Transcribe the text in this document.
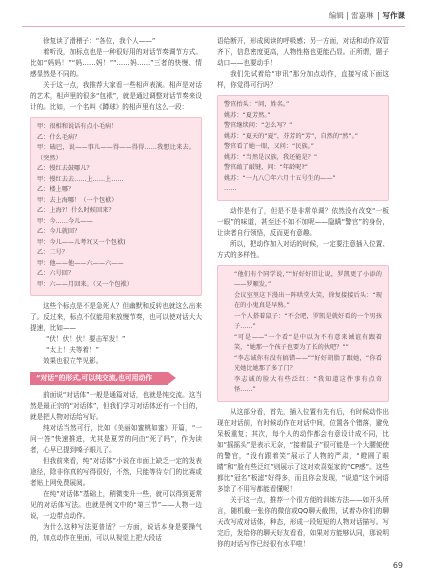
编辑 | 雷嘉琳 写作课

徐复读了滑稽子：“各位，我个人——”

着听没，加标点也是一种很好用的对话节奏调节方式。比如“妈妈！”“妈……妈！”“……妈……”三者的快慢、情感显然是不同的。

关于这一点，我推荐大家看一些相声表演。相声是对话的艺术，相声里的很多“包袱”，就是通过调整对话节奏来设计的。比如，一个名叫《蹲球》的相声里有这么一段：

甲：很相和说话有点小毛病！
乙：什么毛病？
甲：磕巴，说——事儿——得——得得……我想比来去。（突然）
乙：慢红去鼓哪儿？
甲：慢红去去……上……上……
乙：楼上哪？
甲：去上海哪！（一个包袱）
乙：上海?！什么时候回来？
甲：今……今儿——
乙：今儿就回？
甲：今儿——儿考?(又一个包袱)
乙：二号？
甲：他——他——六——六——
乙：六号回？
甲：六——月回来。（又一个包袱）

这些个标点是不是急死人？但幽默和反转也就这么出来了。反过来，标点不仅能用来放慢节奏，也可以使对话大大提速，比如——

“伏！伏！伏！要击军发！”
“太上！夫等着！”

效果也很立竿见影。

“对话”的形式,可以纯交流,也可用动作

前面说“对话体”一般是通篇对话，也就是纯交流。这当然是最正宗的“对话体”，但我们学习对话体还有一个目的，就是把人物对话给写好。

纯对话当然可行，比如《美丽如蜜桃如蜜》开篇，“一问一答”快速推进，尤其是夏芳的问由“死了吗”，作为读者，心早已提到嗓子眼儿了。

但我前来看，纯“对话体”小说在市面上缺乏一定的发表途径，除非你真的写得很好，不然，只能等待专门的比赛或者贴上网免费展阅。

在纯“对话体”基础上，稍微变升一些，就可以得到更常见的对话体写法。也就是例文中的“第三节”——人物一边说，一边带点动作。

为什么这种写法更普适？一方面，说话本身是要操气的，加点动作在里面，可以从视觉上把大段话

语给断开，形成阅读的呼吸感；另一方面，对话和动作双管齐下，信息密度更高，人物性格也更能凸显。正所谓，题子动口——也要动手！

我们先试着给“审讯”那分加点动作，直接写成下面这样，你觉得可行吗？

警官抬头：“问，姓名。”
姚苏：“夏芳然。”
警官继续问：“怎么写？”
姚苏：“夏天的“夏”，芬芳的“芳”，自然的“然”。”
警官看了她一眼，又问：“民族。”
姚苏：“当然是汉族，我还能是？”
警官敲了敲键，问：“年龄呢?”
姚苏：“一九八〇年六月十五号生的——”
……

动作是有了，但是不是非常单调？依然没有改变“一板一眼”的味道，甚至还不如不加呢——隐瞒“警官”的身份，让读者自行领悟，反而更有意趣。

所以，把动作加入对话的时候，一定要注意插入位置、方式的多样性。

“他们有个同学说，”“好好好旧让说，罗凯更了小添的——罗顺发。”
会议室里这下漫出一阵哄堂大笑，徐复接接后头：“现在的小鬼真是早熟。”
一个人搭着鼠子：“不会吧，罗凯是就好看的一个男孩子……”
“可是——”一个看“是中以为不有意来诫谊有跟着笑，“她那一个孩子也要为了长的伙吧？””
“李志诚你有没有搞错——”“好好胡脂了跟她，“你看光她比她那了多了门？
李志诚的脸大有些泛红：“我知道这件事有点奇怪……”

从这部分看，首先，插入位置有先有后，有时候动作出现在对话前，有时候动作在对话中间，位置各个错落，避免呆板重复；其次，每个人的动作都会有意设计成不同，比如“摇摇头”是表示无奈，“接着鼠子”很可能是一个大腰便使的警官，“没有跟着笑”展示了人物的严肃，“瞪圆了眼睛”和“脸有些泛红”则展示了这对欢喜冤家的“CP感”。这些都比“冠名”板滤”好得多，而且你会发现，“说道”这个词语多馀了不用写都能看懂呢！

关于这一点，推荐一个很方便的训练方法——如开头所言，随机截一张你的微信或QQ聊天截图，试着办你们的聊天改写成对话体，种态，形成一段短短的人物对话描写。写完后，发给你的聊天好友看看，如果对方能够认同，那说明你的对话写作已经很有水平啦！

69
